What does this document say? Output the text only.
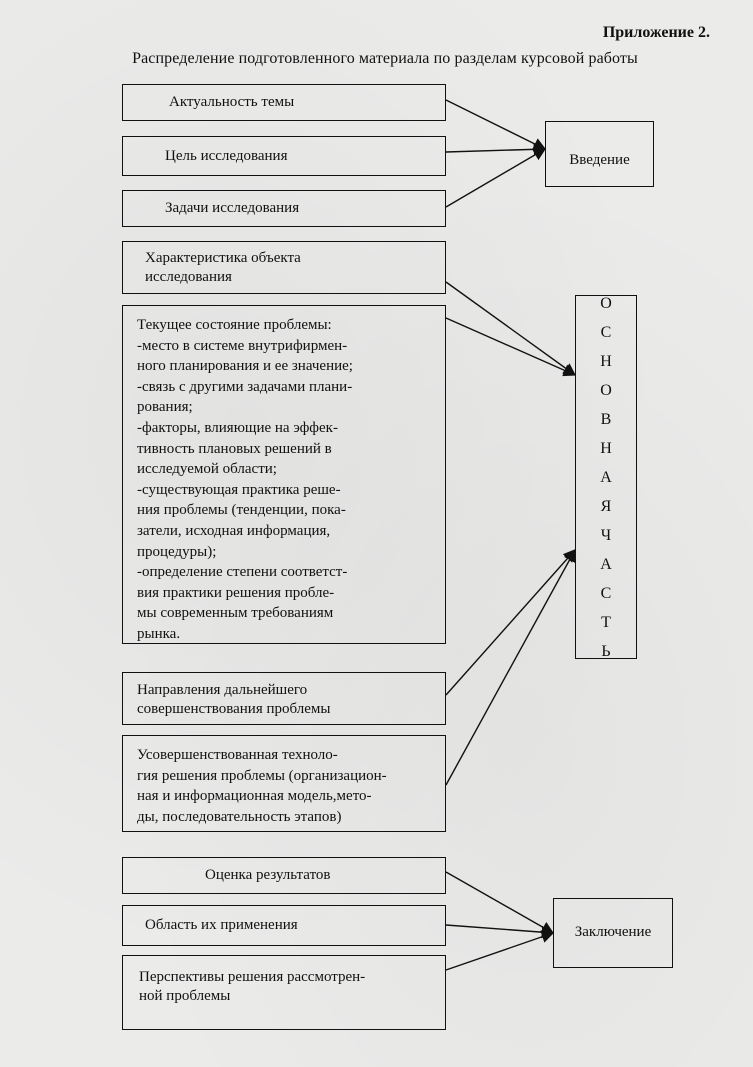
Приложение 2.
Распределение подготовленного материала по разделам курсовой работы
Актуальность темы
Цель исследования
Задачи исследования
Характеристика объекта
исследования
Текущее состояние проблемы:
-место в системе внутрифирмен-
ного планирования и ее значение;
-связь с другими задачами плани-
рования;
-факторы, влияющие на эффек-
тивность плановых решений в
исследуемой области;
-существующая практика реше-
ния проблемы (тенденции, пока-
затели, исходная информация,
процедуры);
-определение степени соответст-
вия практики решения пробле-
мы современным требованиям
рынка.
Направления дальнейшего
совершенствования проблемы
Усовершенствованная техноло-
гия решения проблемы (организацион-
ная и информационная модель,мето-
ды, последовательность этапов)
Оценка результатов
Область их применения
Перспективы решения рассмотрен-
ной проблемы
Введение
О
С
Н
О
В
Н
А
Я
Ч
А
С
Т
Ь
Заключение
